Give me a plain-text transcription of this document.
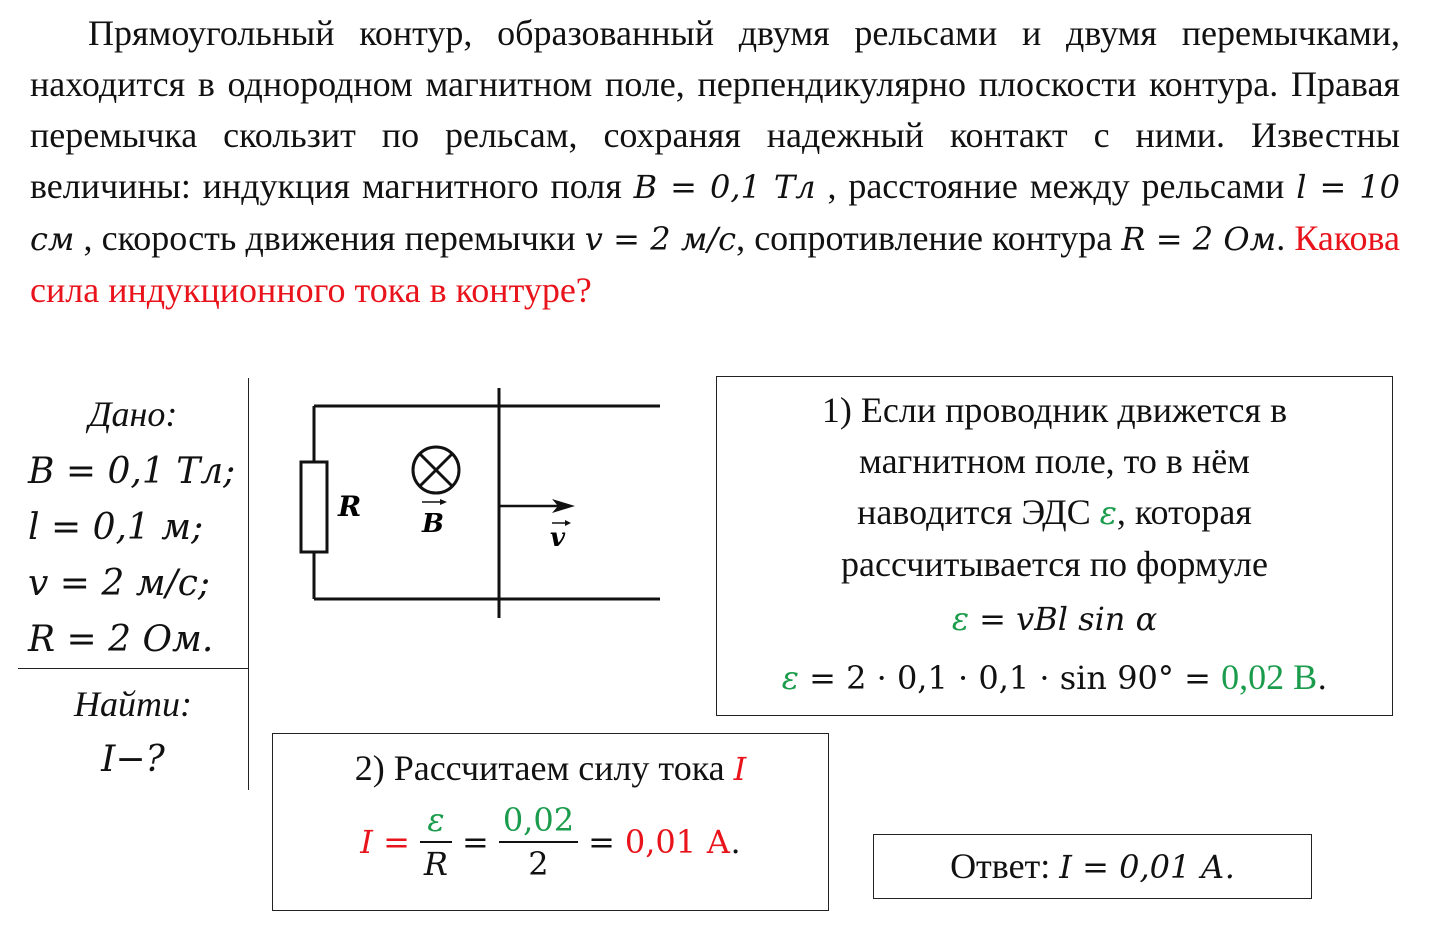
Прямоугольный контур, образованный двумя рельсами и двумя перемычками, находится в однородном магнитном поле, перпендикулярно плоскости контура. Правая перемычка скользит по рельсам, сохраняя надежный контакт с ними. Известны величины: индукция магнитного поля B = 0,1 Тл , расстояние между рельсами l = 10 см , скорость движения перемычки v = 2 м/с, сопротивление контура R = 2 Ом. Какова сила индукционного тока в контуре?

Дано:
B = 0,1 Тл;
l = 0,1 м;
v = 2 м/с;
R = 2 Ом.
Найти:
I−?
R
v
B
1) Если проводник движется в
магнитном поле, то в нём
наводится ЭДС ε, которая
рассчитывается по формуле
ε = vBl sin α
ε = 2 · 0,1 · 0,1 · sin 90° = 0,02 В.
2) Рассчитаем силу тока I
$I = \frac{\varepsilon}{R} = \frac{0,02}{2} = 0,01$ А.
Ответ: I = 0,01 А.
